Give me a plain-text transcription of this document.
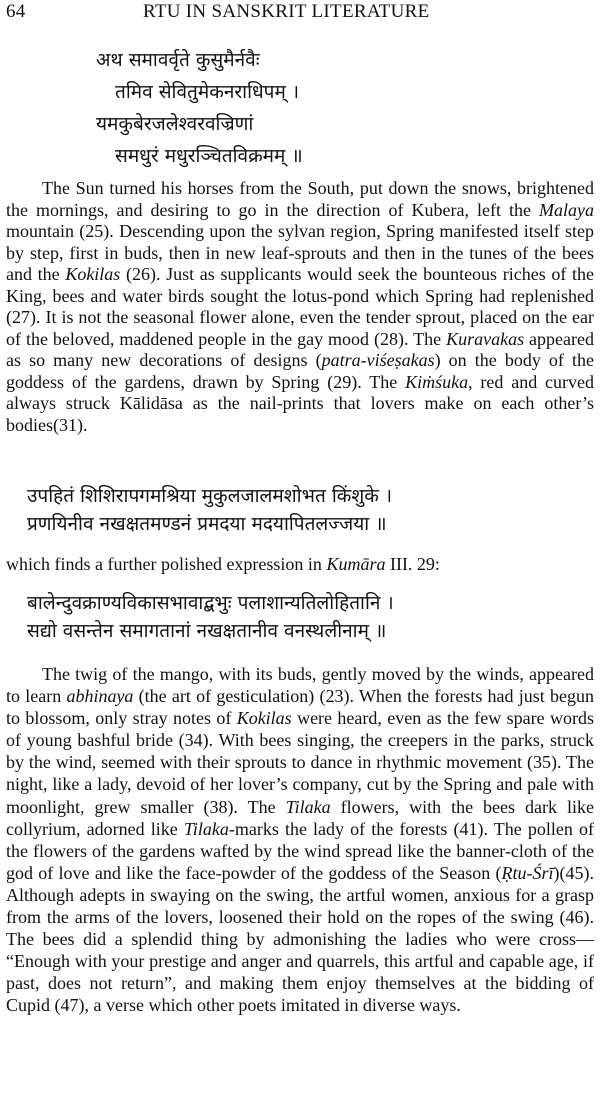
64	RTU IN SANSKRIT LITERATURE
अथ समावर्वृते कुसुमैर्नवैः
तमिव सेवितुमेकनराधिपम् ।
यमकुबेरजलेश्वरवज्रिणां
समधुरं मधुरञ्चितविक्रमम् ॥

The Sun turned his horses from the South, put down the snows, brightened the mornings, and desiring to go in the direction of Kubera, left the Malaya mountain (25). Descending upon the sylvan region, Spring manifested itself step by step, first in buds, then in new leaf-sprouts and then in the tunes of the bees and the Kokilas (26). Just as supplicants would seek the bounteous riches of the King, bees and water birds sought the lotus-pond which Spring had replenished (27). It is not the seasonal flower alone, even the tender sprout, placed on the ear of the beloved, maddened people in the gay mood (28). The Kuravakas appeared as so many new decorations of designs (patra-viśeṣakas) on the body of the goddess of the gardens, drawn by Spring (29). The Kiṁśuka, red and curved always struck Kālidāsa as the nail-prints that lovers make on each other’s bodies(31).

उपहितं शिशिरापगमश्रिया मुकुलजालमशोभत किंशुके ।
प्रणयिनीव नखक्षतमण्डनं प्रमदया मदयापितलज्जया ॥

which finds a further polished expression in Kumāra III. 29:

बालेन्दुवक्राण्यविकासभावाद्बभुः पलाशान्यतिलोहितानि ।
सद्यो वसन्तेन समागतानां नखक्षतानीव वनस्थलीनाम् ॥

The twig of the mango, with its buds, gently moved by the winds, appeared to learn abhinaya (the art of gesticulation) (23). When the forests had just begun to blossom, only stray notes of Kokilas were heard, even as the few spare words of young bashful bride (34). With bees singing, the creepers in the parks, struck by the wind, seemed with their sprouts to dance in rhythmic movement (35). The night, like a lady, devoid of her lover’s company, cut by the Spring and pale with moonlight, grew smaller (38). The Tilaka flowers, with the bees dark like collyrium, adorned like Tilaka-marks the lady of the forests (41). The pollen of the flowers of the gardens wafted by the wind spread like the banner-cloth of the god of love and like the face-powder of the goddess of the Season (Ṛtu-Śrī)(45). Although adepts in swaying on the swing, the artful women, anxious for a grasp from the arms of the lovers, loosened their hold on the ropes of the swing (46). The bees did a splendid thing by admonishing the ladies who were cross— “Enough with your prestige and anger and quarrels, this artful and capable age, if past, does not return”, and making them enjoy themselves at the bidding of Cupid (47), a verse which other poets imitated in diverse ways.
